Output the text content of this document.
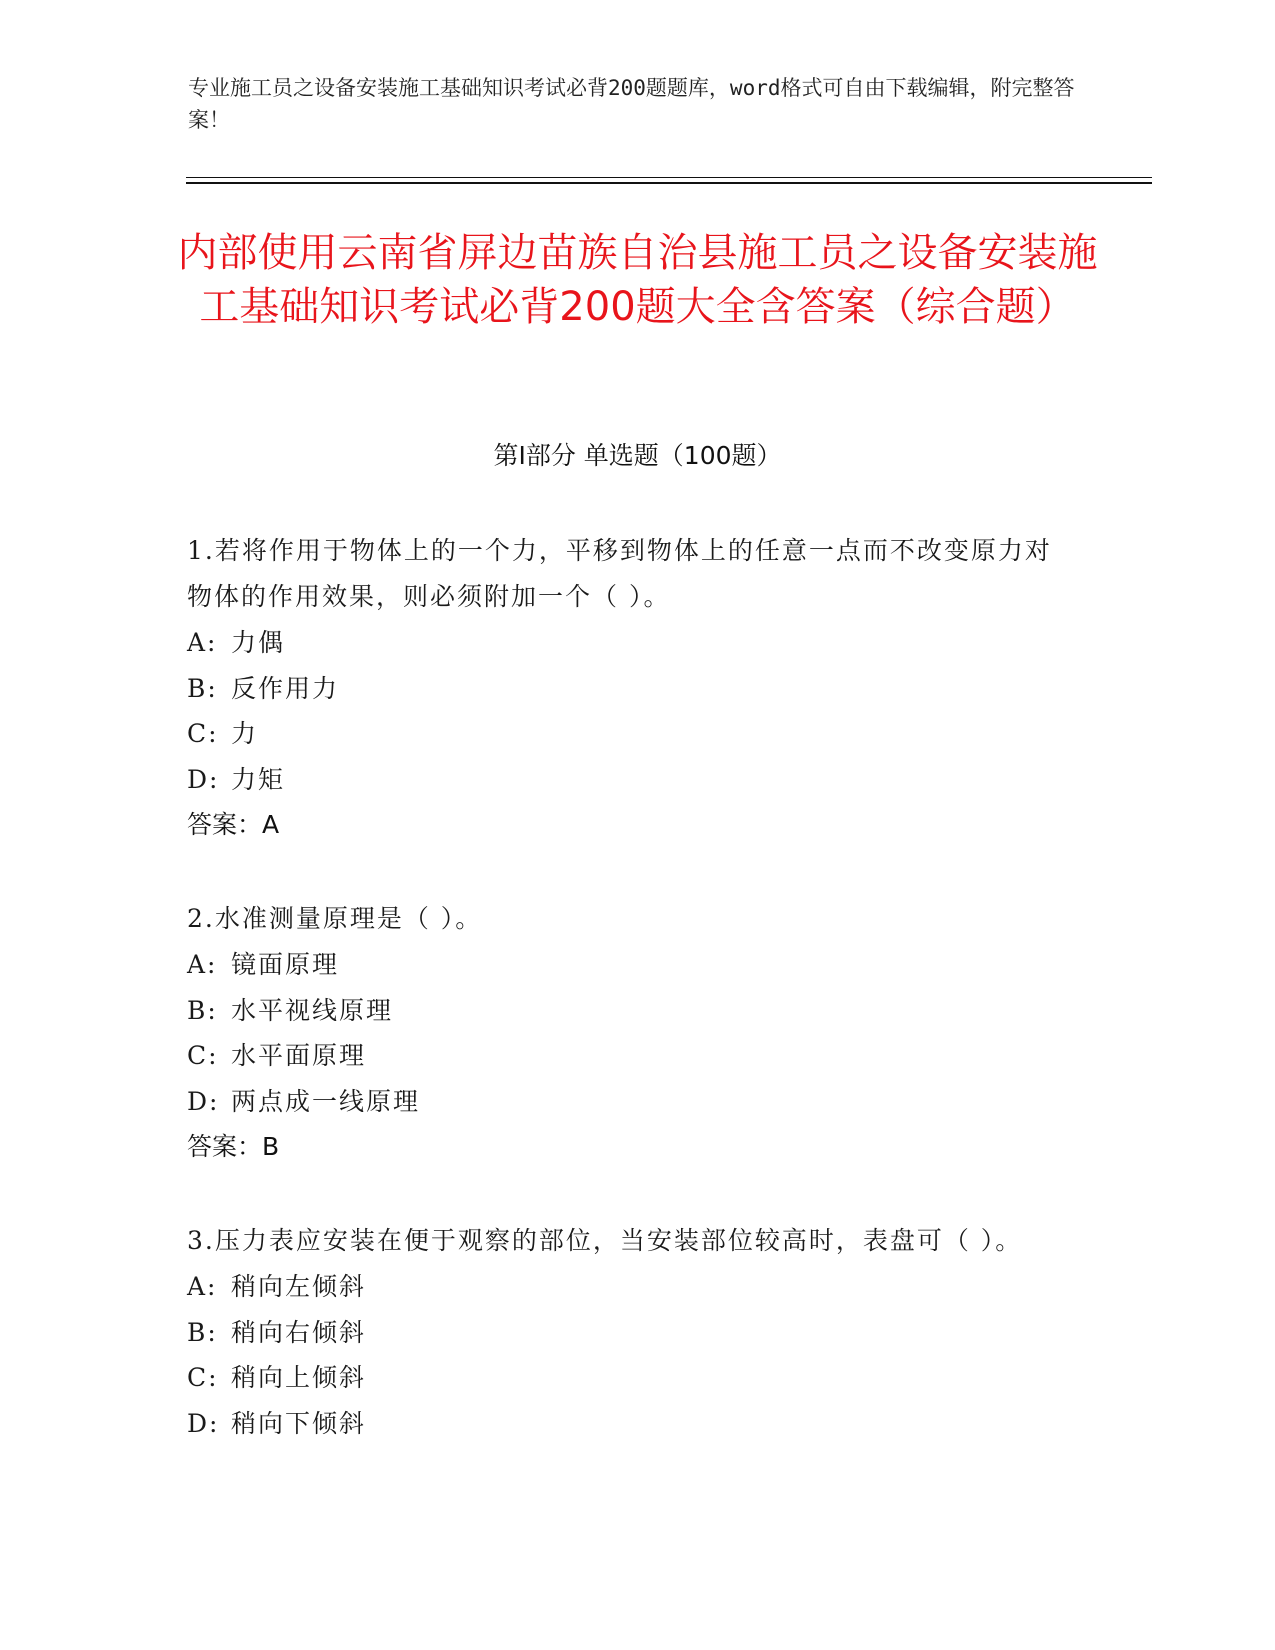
专业施工员之设备安装施工基础知识考试必背200题题库，word格式可自由下载编辑，附完整答案！
内部使用云南省屏边苗族自治县施工员之设备安装施工基础知识考试必背200题大全含答案（综合题）
第Ⅰ部分 单选题（100题）
1.若将作用于物体上的一个力，平移到物体上的任意一点而不改变原力对物体的作用效果，则必须附加一个（ ）。
A: 力偶
B: 反作用力
C: 力
D: 力矩
答案：A
2.水准测量原理是（ ）。
A: 镜面原理
B: 水平视线原理
C: 水平面原理
D: 两点成一线原理
答案：B
3.压力表应安装在便于观察的部位，当安装部位较高时，表盘可（ ）。
A: 稍向左倾斜
B: 稍向右倾斜
C: 稍向上倾斜
D: 稍向下倾斜
